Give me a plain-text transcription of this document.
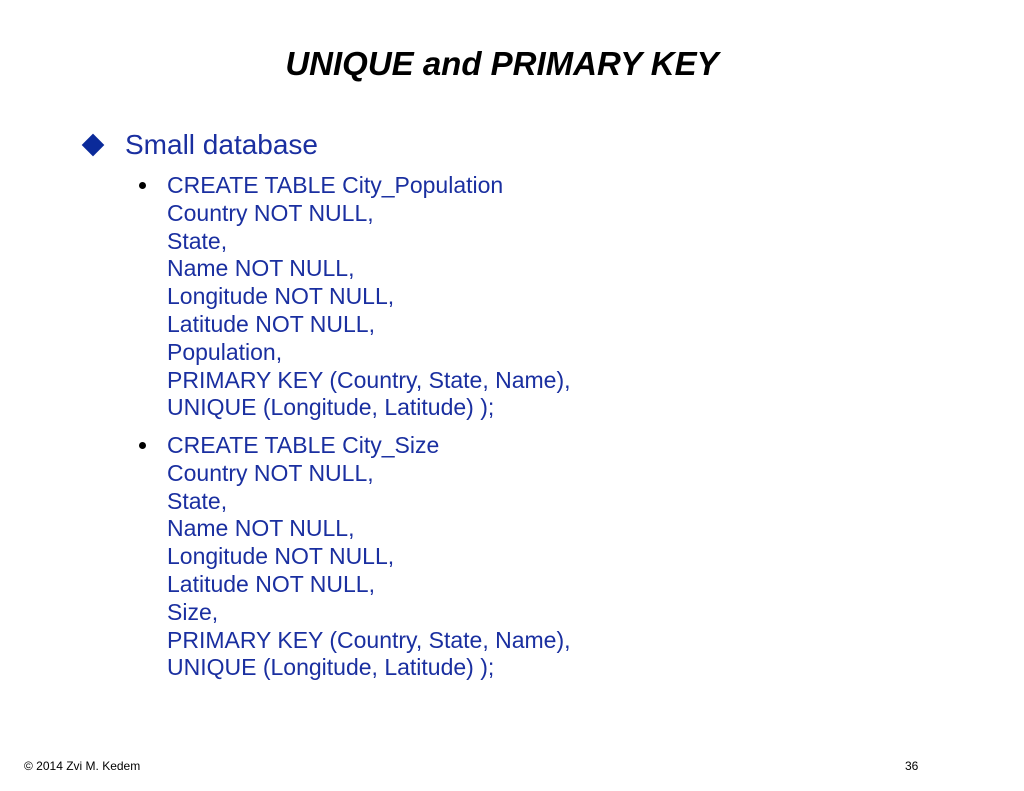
UNIQUE and PRIMARY KEY
Small database
CREATE TABLE City_Population
Country NOT NULL,
State,
Name NOT NULL,
Longitude NOT NULL,
Latitude NOT NULL,
Population,
PRIMARY KEY (Country, State, Name),
UNIQUE (Longitude, Latitude) );
CREATE TABLE City_Size
Country NOT NULL,
State,
Name NOT NULL,
Longitude NOT NULL,
Latitude NOT NULL,
Size,
PRIMARY KEY (Country, State, Name),
UNIQUE (Longitude, Latitude) );
© 2014 Zvi M. Kedem	36
